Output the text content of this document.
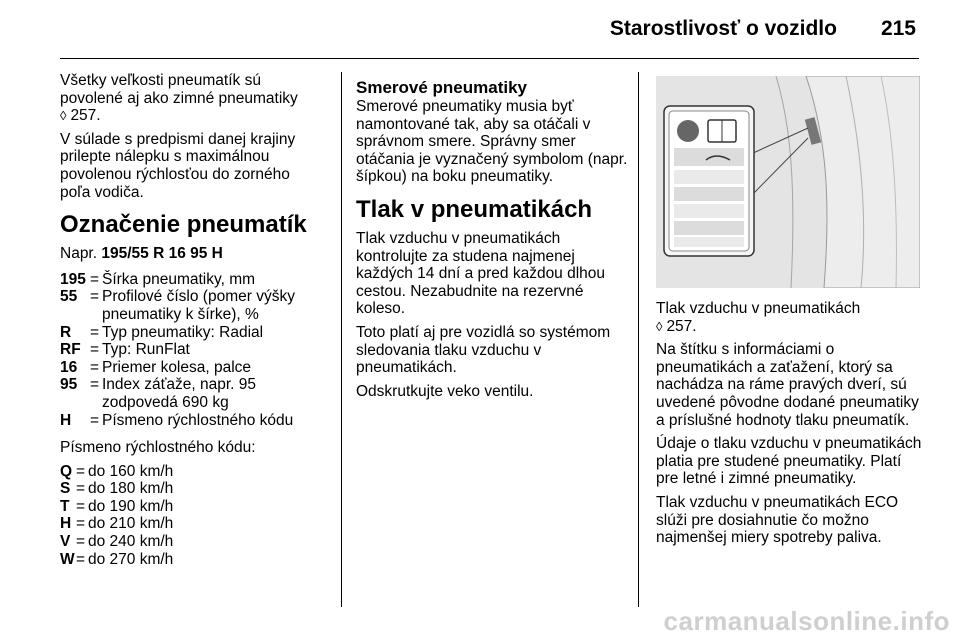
Starostlivosť o vozidlo 215

Všetky veľkosti pneumatík sú povolené aj ako zimné pneumatiky
◊ 257.

V súlade s predpismi danej krajiny prilepte nálepku s maximálnou povolenou rýchlosťou do zorného poľa vodiča.

Označenie pneumatík
Napr. 195/55 R 16 95 H
195 = Šírka pneumatiky, mm
55 = Profilové číslo (pomer výšky pneumatiky k šírke), %
R	= Typ pneumatiky: Radial
RF = Typ: RunFlat
16 = Priemer kolesa, palce
95 = Index záťaže, napr. 95 zodpovedá 690 kg
H	= Písmeno rýchlostného kódu

Písmeno rýchlostného kódu:

Q = do 160 km/h
S = do 180 km/h
T = do 190 km/h
H = do 210 km/h
V = do 240 km/h
W = do 270 km/h
Smerové pneumatiky

Smerové pneumatiky musia byť namontované tak, aby sa otáčali v správnom smere. Správny smer otáčania je vyznačený symbolom (napr. šípkou) na boku pneumatiky.

Tlak v pneumatikách

Tlak vzduchu v pneumatikách kontrolujte za studena najmenej každých 14 dní a pred každou dlhou cestou. Nezabudnite na rezervné koleso.

Toto platí aj pre vozidlá so systémom sledovania tlaku vzduchu v pneumatikách.

Odskrutkujte veko ventilu.

Tlak vzduchu v pneumatikách
◊ 257.

Na štítku s informáciami o pneumatikách a zaťažení, ktorý sa nachádza na ráme pravých dverí, sú uvedené pôvodne dodané pneumatiky a príslušné hodnoty tlaku pneumatík.

Údaje o tlaku vzduchu v pneumatikách platia pre studené pneumatiky. Platí pre letné i zimné pneumatiky.

Tlak vzduchu v pneumatikách ECO slúži pre dosiahnutie čo možno najmenšej miery spotreby paliva.

carmanualsonline.info
